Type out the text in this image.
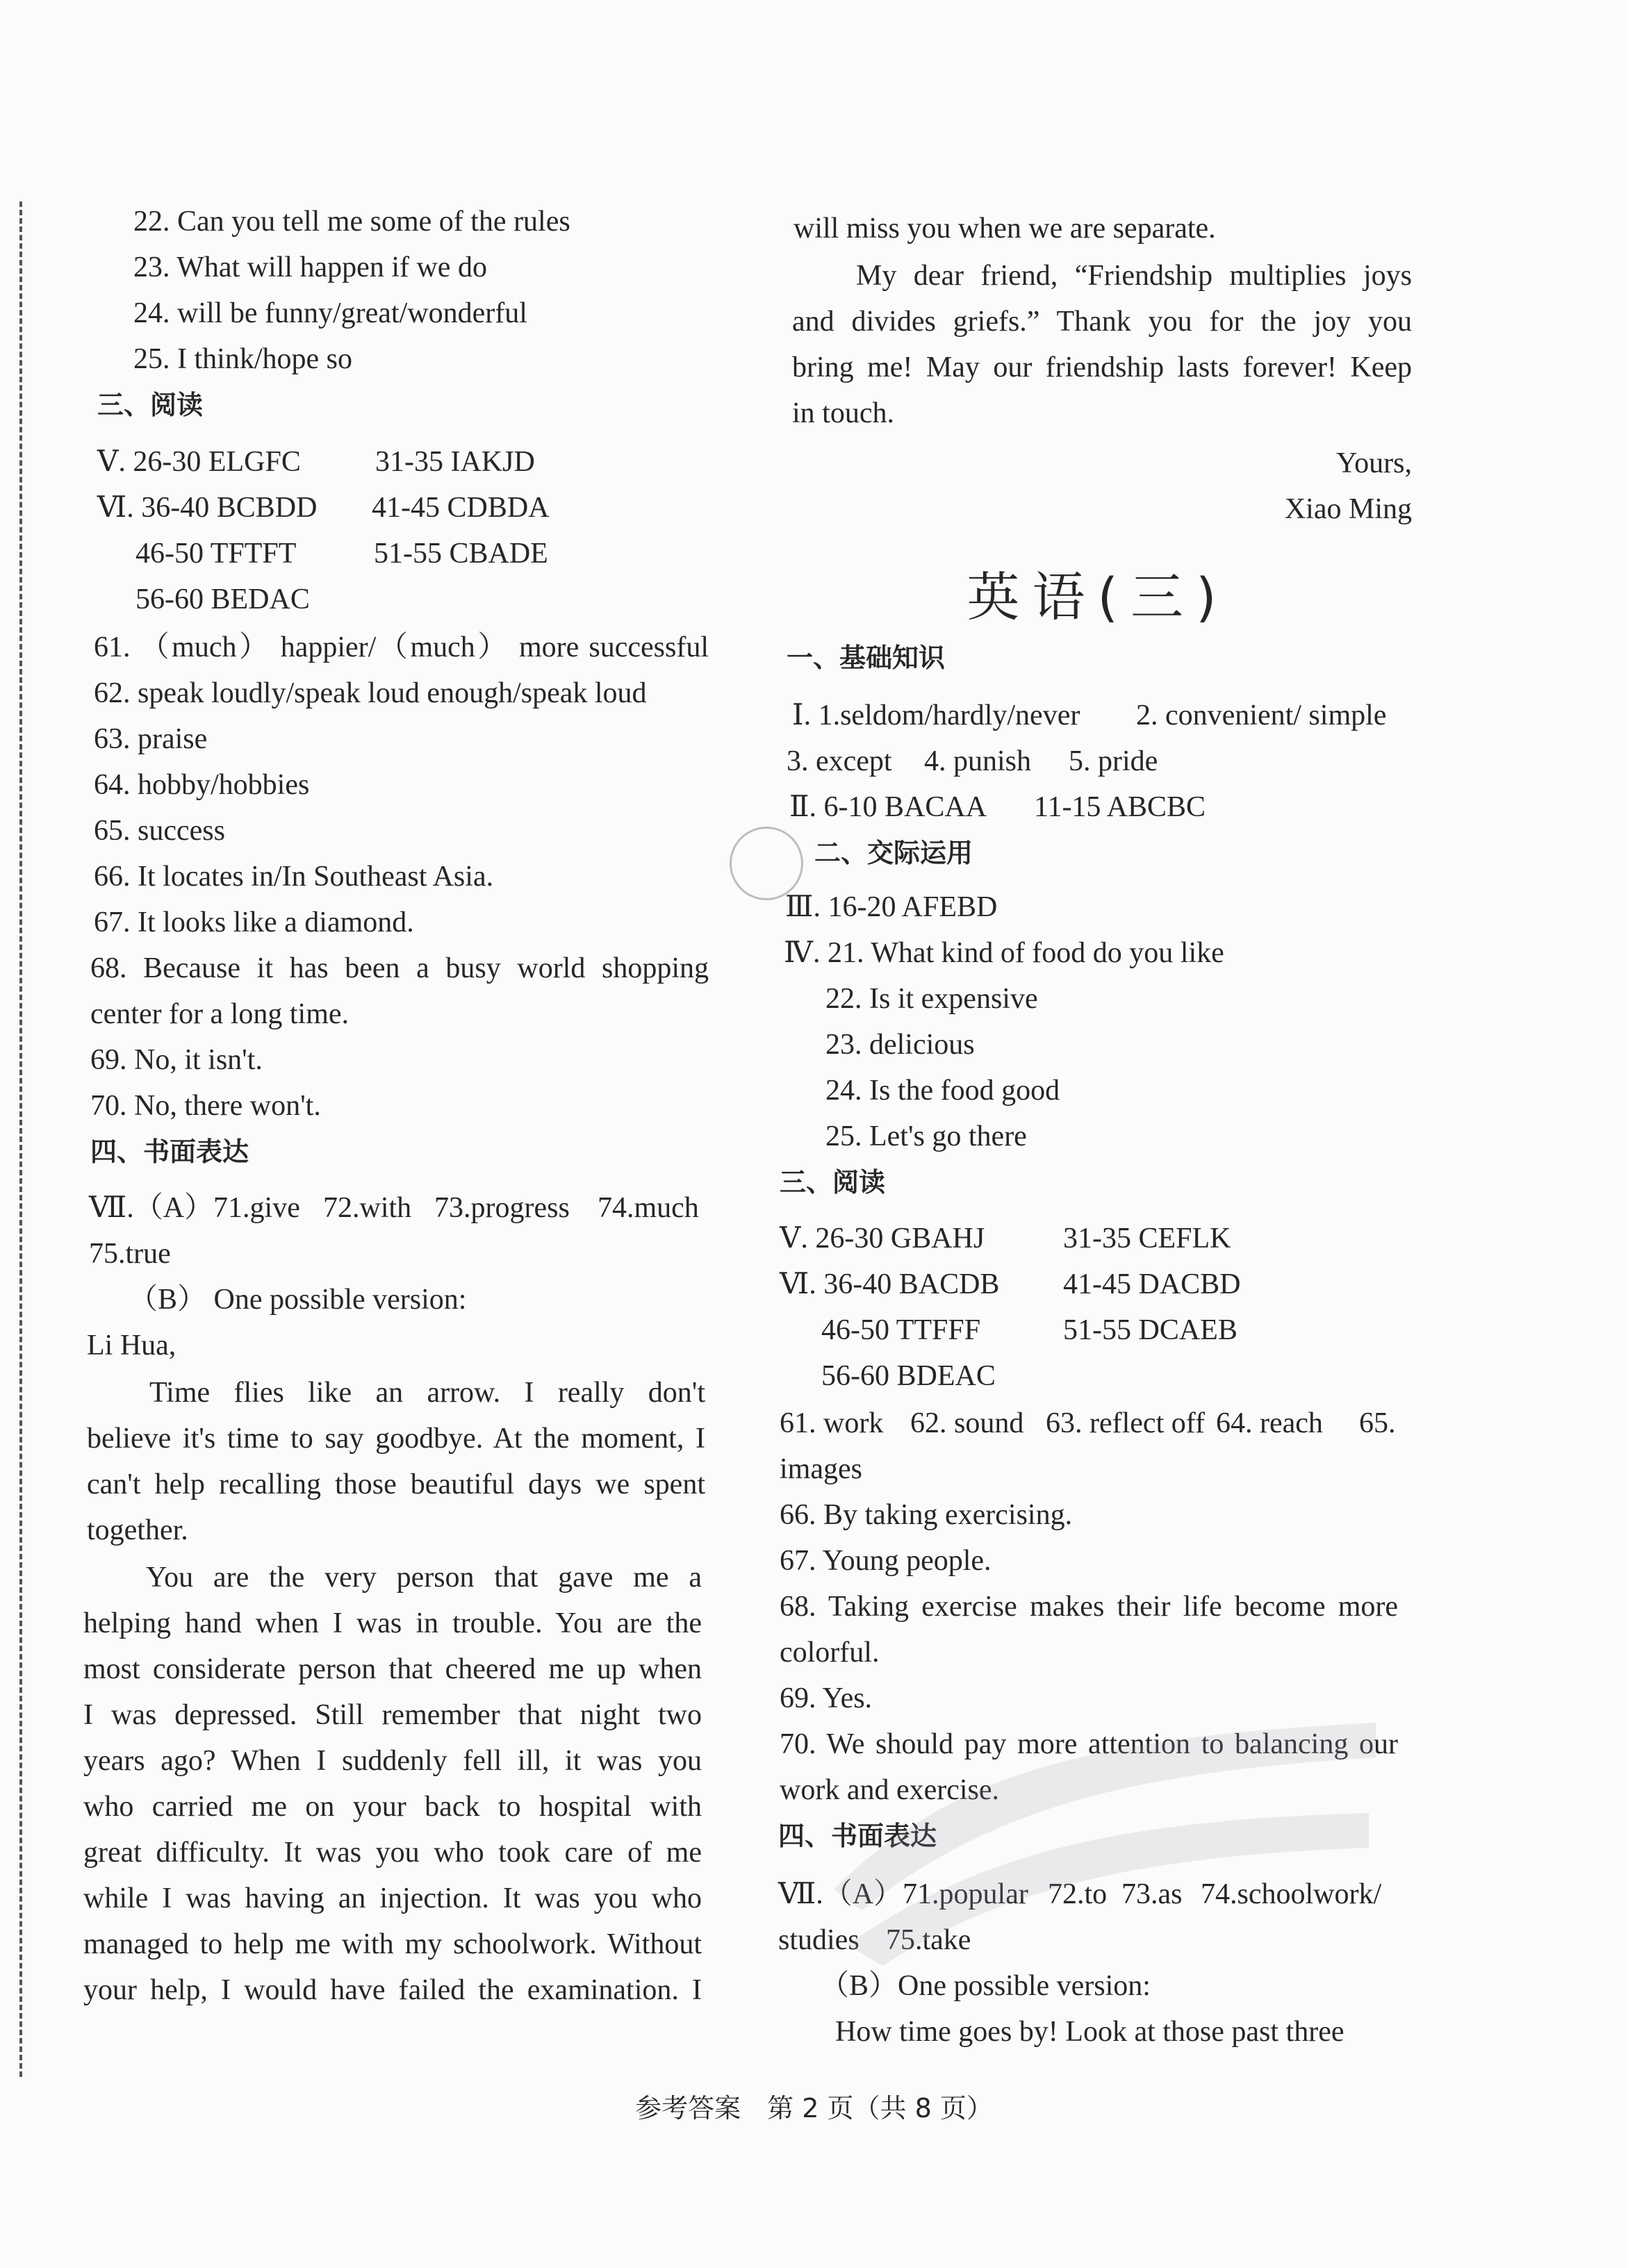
22. Can you tell me some of the rules
23. What will happen if we do
24. will be funny/great/wonderful
25. I think/hope so
三、阅读
Ⅴ. 26-30 ELGFC	31-35 IAKJD
Ⅵ. 36-40 BCBDD 41-45 CDBDA
46-50 TFTFT	51-55 CBADE
56-60 BEDAC
61. （much） happier/（much） more successful
62. speak loudly/speak loud enough/speak loud
63. praise
64. hobby/hobbies
65. success
66. It locates in/In Southeast Asia.
67. It looks like a diamond.
68. Because it has been a busy world shopping
center for a long time.
69. No, it isn't.
70. No, there won't.
四、书面表达
Ⅶ.（A）71.give 72.with 73.progress 74.much
75.true
（B） One possible version:
Li Hua,
Time flies like an arrow. I really don't
believe it's time to say goodbye. At the moment, I
can't help recalling those beautiful days we spent
together.
You are the very person that gave me a
helping hand when I was in trouble. You are the
most considerate person that cheered me up when
I was depressed. Still remember that night two
years ago? When I suddenly fell ill, it was you
who carried me on your back to hospital with
great difficulty. It was you who took care of me
while I was having an injection. It was you who
managed to help me with my schoolwork. Without
your help, I would have failed the examination. I
will miss you when we are separate.
My dear friend, “Friendship multiplies joys
and divides griefs.” Thank you for the joy you
bring me! May our friendship lasts forever! Keep
in touch.
Yours,
Xiao Ming
英语(三)
一、基础知识
Ⅰ. 1.seldom/hardly/never 2. convenient/ simple
3. except 4. punish 5. pride
Ⅱ. 6-10 BACAA 11-15 ABCBC
二、交际运用
Ⅲ. 16-20 AFEBD
Ⅳ. 21. What kind of food do you like
22. Is it expensive
23. delicious
24. Is the food good
25. Let's go there
三、阅读
Ⅴ. 26-30 GBAHJ	31-35 CEFLK
Ⅵ. 36-40 BACDB 41-45 DACBD
46-50 TTFFF	51-55 DCAEB
56-60 BDEAC
61. work 62. sound 63. reflect off 64. reach 65.
images
66. By taking exercising.
67. Young people.
68. Taking exercise makes their life become more
colorful.
69. Yes.
70. We should pay more attention to balancing our
work and exercise.
四、书面表达
Ⅶ.（A）71.popular 72.to 73.as 74.schoolwork/
studies 75.take
（B）One possible version:
How time goes by! Look at those past three
参考答案　第 2 页（共 8 页）
